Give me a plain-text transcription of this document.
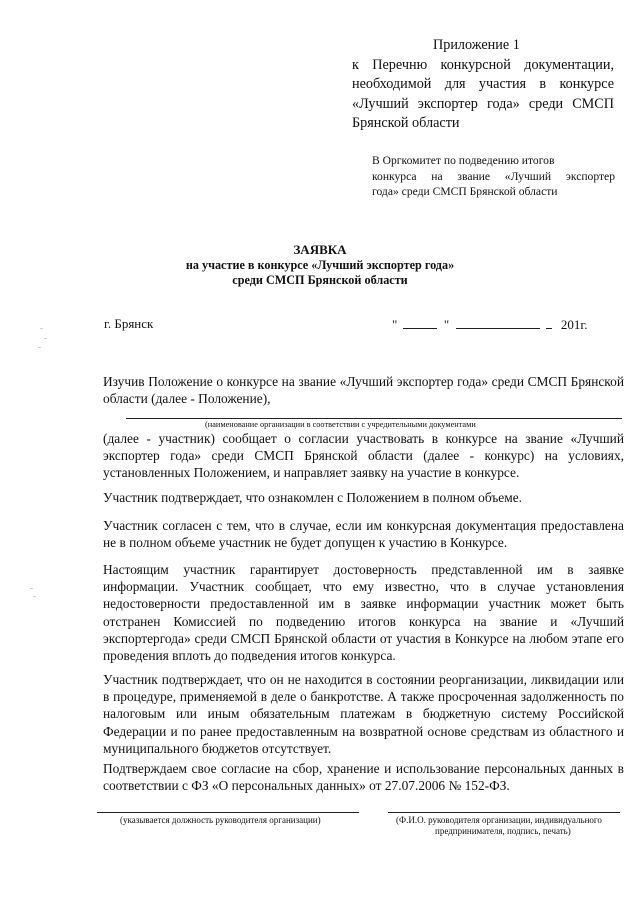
Приложение 1
к Перечню конкурсной документации,
необходимой для участия в конкурсе
«Лучший экспортер года» среди СМСП
Брянской области
В Оргкомитет по подведению итогов
конкурса на звание «Лучший экспортер
года» среди СМСП Брянской области
ЗАЯВКА
на участие в конкурсе «Лучший экспортер года»
среди СМСП Брянской области
г. Брянск	"	"	201г.
Изучив Положение о конкурсе на звание «Лучший экспортер года» среди СМСП Брянской области (далее - Положение),
(наименование организации в соответствии с учредительными документами
(далее - участник) сообщает о согласии участвовать в конкурсе на звание «Лучший экспортер года» среди СМСП Брянской области (далее - конкурс) на условиях, установленных Положением, и направляет заявку на участие в конкурсе.
Участник подтверждает, что ознакомлен с Положением в полном объеме.
Участник согласен с тем, что в случае, если им конкурсная документация предоставлена не в полном объеме участник не будет допущен к участию в Конкурсе.
Настоящим участник гарантирует достоверность представленной им в заявке информации. Участник сообщает, что ему известно, что в случае установления недостоверности предоставленной им в заявке информации участник может быть отстранен Комиссией по подведению итогов конкурса на звание и «Лучший экспортергода» среди СМСП Брянской области от участия в Конкурсе на любом этапе его проведения вплоть до подведения итогов конкурса.
Участник подтверждает, что он не находится в состоянии реорганизации, ликвидации или в процедуре, применяемой в деле о банкротстве. А также просроченная задолженность по налоговым или иным обязательным платежам в бюджетную систему Российской Федерации и по ранее предоставленным на возвратной основе средствам из областного и муниципального бюджетов отсутствует.
Подтверждаем свое согласие на сбор, хранение и использование персональных данных в соответствии с ФЗ «О персональных данных» от 27.07.2006 № 152-ФЗ.
(указывается должность руководителя организации)	(Ф.И.О. руководителя организации, индивидуального
предпринимателя, подпись, печать)
